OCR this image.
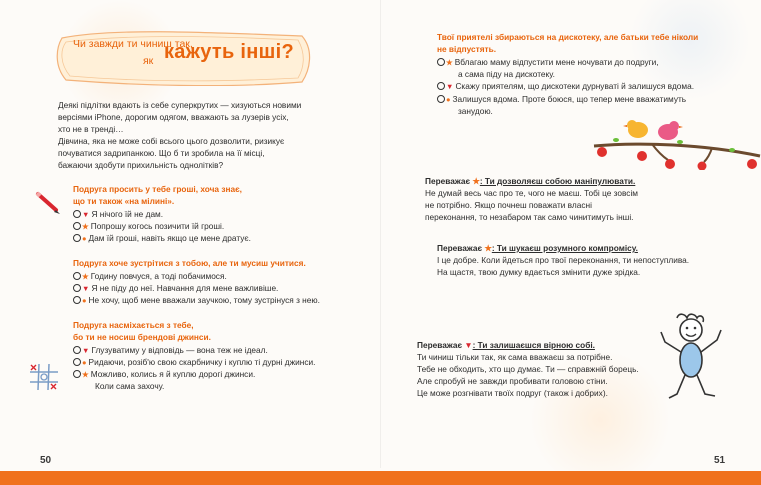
Чи завжди ти чиниш так,
як кажуть інші?
Деякі підлітки вдають із себе суперкрутих — хизуються новими
версіями iPhone, дорогим одягом, вважають за лузерів усіх,
хто не в тренді…
Дівчина, яка не може собі всього цього дозволити, ризикує
почуватися задрипанкою. Що б ти зробила на її місці,
бажаючи здобути прихильність однолітків?
Подруга просить у тебе гроші, хоча знає,
що ти також «на мілині».
▼ Я нічого їй не дам.
★ Попрошу когось позичити їй гроші.
● Дам їй гроші, навіть якщо це мене дратує.
Подруга хоче зустрітися з тобою, але ти мусиш учитися.
★ Годину повчуся, а тоді побачимося.
▼ Я не піду до неї. Навчання для мене важливіше.
● Не хочу, щоб мене вважали зaучкою, тому зустрінуся з нею.
Подруга насміхається з тебе,
бо ти не носиш брендові джинси.
▼ Глузуватиму у відповідь — вона теж не ідеал.
● Ридаючи, розіб'ю свою скарбничку і куплю ті дурні джинси.
★ Можливо, колись я й куплю дорогі джинси.
Коли сама захочу.
Твої приятелі збираються на дискотеку, але батьки тебе ніколи
не відпустять.
★ Вблагаю маму відпустити мене ночувати до подруги,
а сама піду на дискотеку.
▼ Скажу приятелям, що дискотеки дурнуваті й залишуся вдома.
● Залишуся вдома. Проте боюся, що тепер мене вважатимуть
занудою.
Переважає ★: Ти дозволяєш собою маніпулювати.
Не думай весь час про те, чого не маєш. Тобі це зовсім
не потрібно. Якщо почнеш поважати власні
переконання, то незабаром так само чинитимуть інші.
Переважає ★: Ти шукаєш розумного компромісу.
І це добре. Коли йдеться про твої переконання, ти непоступлива.
На щастя, твою думку вдається змінити дуже зрідка.
Переважає ▼: Ти залишаєшся вірною собі.
Ти чиниш тільки так, як сама вважаєш за потрібне.
Тебе не обходить, хто що думає. Ти — справжній борець.
Але спробуй не завжди пробивати головою стіни.
Це може розгнівати твоїх подруг (також і добрих).
50	51
